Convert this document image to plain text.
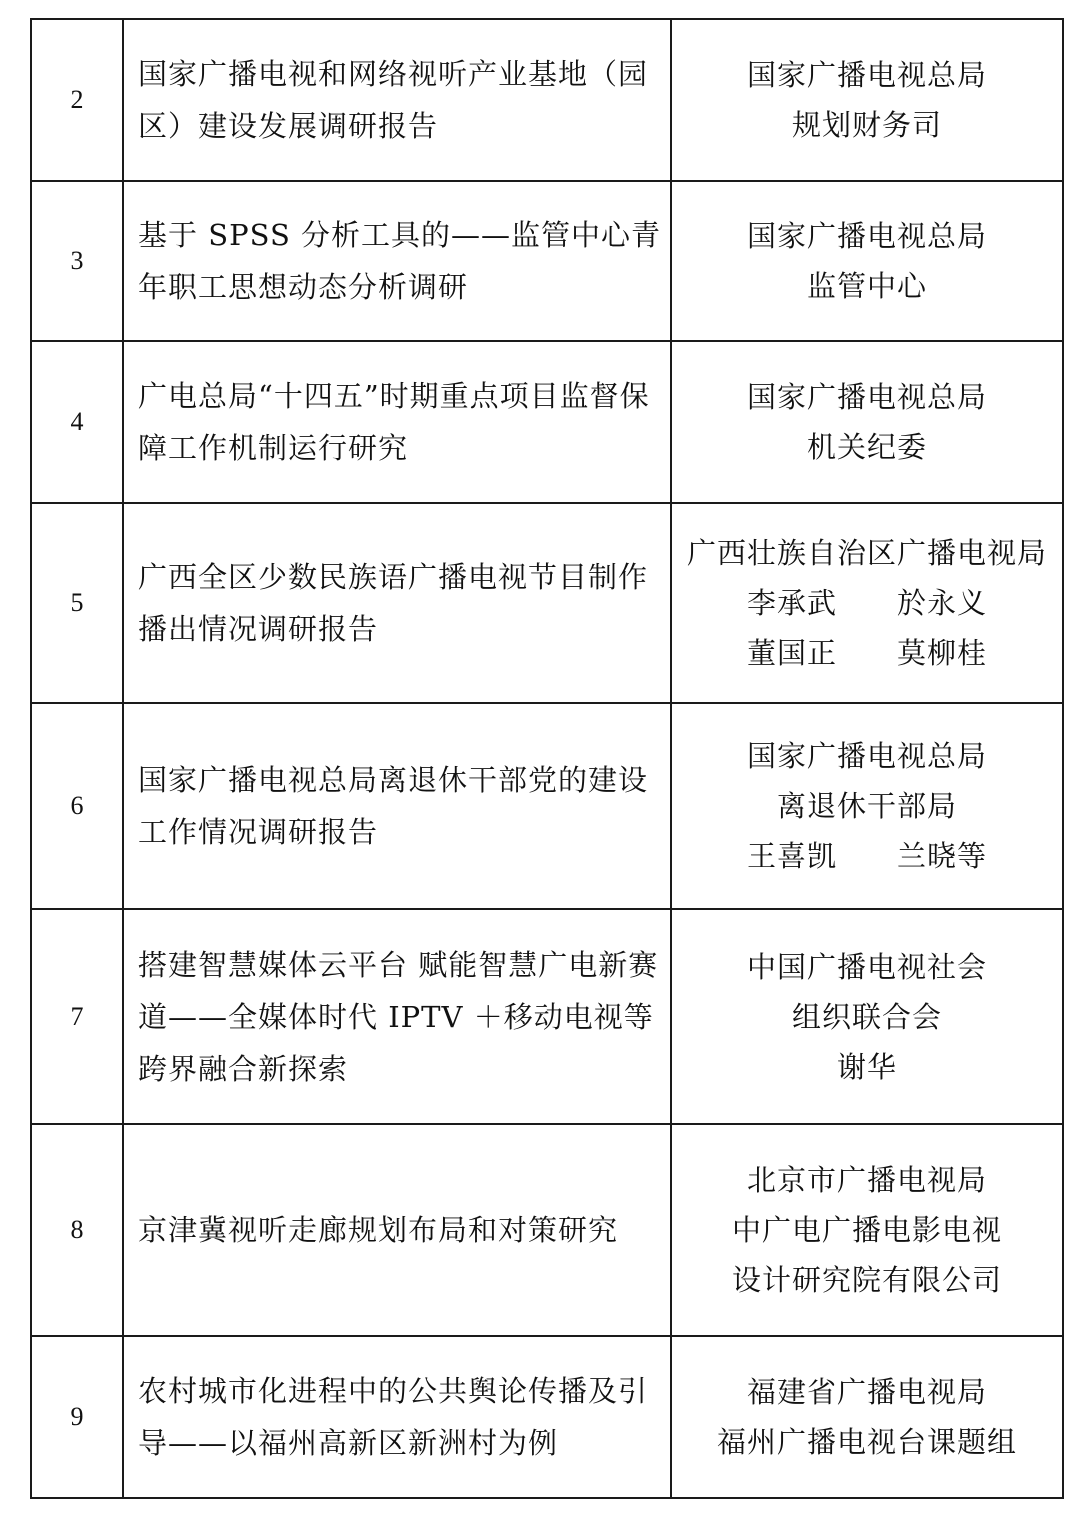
2	国家广播电视和网络视听产业基地（园
区）建设发展调研报告	国家广播电视总局
规划财务司

3	基于 SPSS 分析工具的——监管中心青
年职工思想动态分析调研	国家广播电视总局
监管中心

4	广电总局“十四五”时期重点项目监督保
障工作机制运行研究	国家广播电视总局
机关纪委

5	广西全区少数民族语广播电视节目制作
播出情况调研报告	广西壮族自治区广播电视局
李承武　　於永义
董国正　　莫柳桂

6	国家广播电视总局离退休干部党的建设
工作情况调研报告	国家广播电视总局
离退休干部局
王喜凯　　兰晓等

7	搭建智慧媒体云平台 赋能智慧广电新赛
道——全媒体时代 IPTV ＋移动电视等
跨界融合新探索	中国广播电视社会
组织联合会
谢华

8	京津冀视听走廊规划布局和对策研究	北京市广播电视局
中广电广播电影电视
设计研究院有限公司

9	农村城市化进程中的公共舆论传播及引
导——以福州高新区新洲村为例	福建省广播电视局
福州广播电视台课题组
